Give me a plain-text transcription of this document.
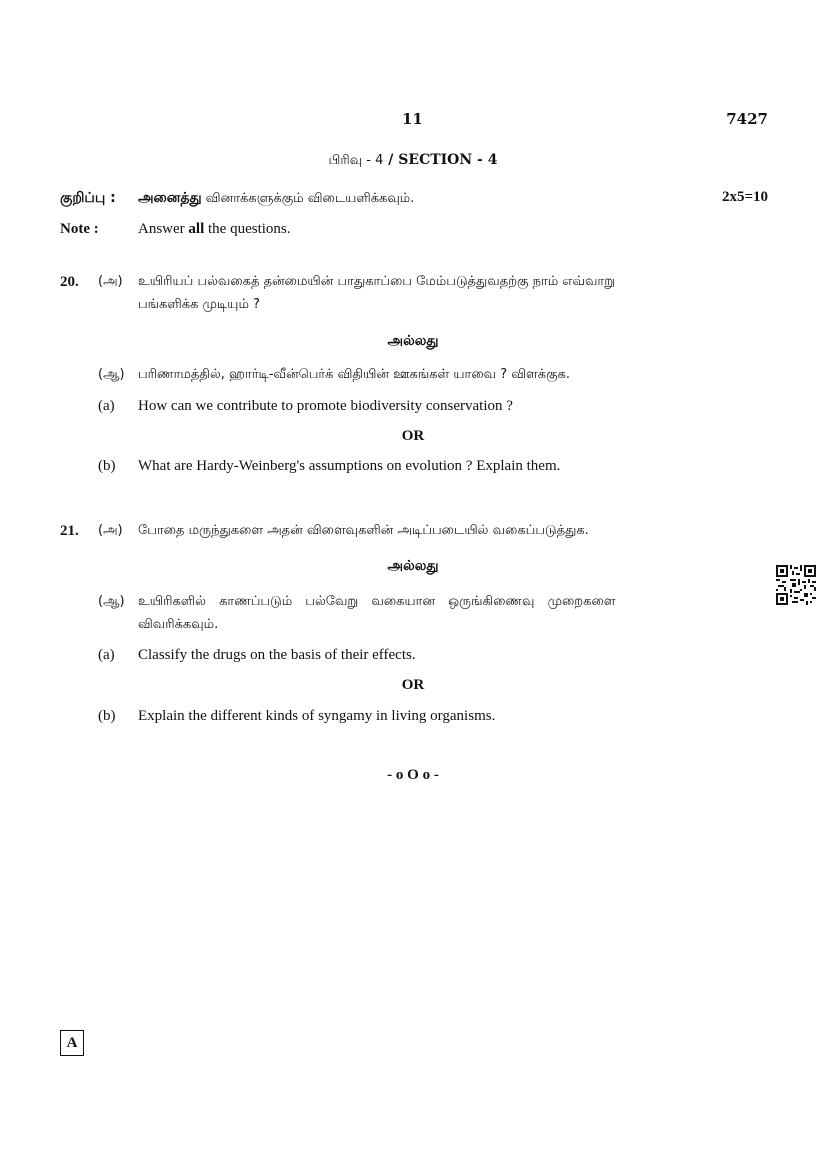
11	7427
பிரிவு - 4 / SECTION - 4
குறிப்பு : அனைத்து வினாக்களுக்கும் விடையளிக்கவும்.	2x5=10
Note :	Answer all the questions.
20. (அ) உயிரியப் பல்வகைத் தன்மையின் பாதுகாப்பை மேம்படுத்துவதற்கு நாம் எவ்வாறு
பங்களிக்க முடியும் ?
அல்லது
(ஆ) பரிணாமத்தில், ஹார்டி-வீன்பெர்க் விதியின் ஊகங்கள் யாவை ? விளக்குக.
(a) How can we contribute to promote biodiversity conservation ?
OR
(b) What are Hardy-Weinberg's assumptions on evolution ? Explain them.
21. (அ) போதை மருந்துகளை அதன் விளைவுகளின் அடிப்படையில் வகைப்படுத்துக.
அல்லது
(ஆ) உயிரிகளில் காணப்படும் பல்வேறு வகையான ஒருங்கிணைவு முறைகளை
விவரிக்கவும்.
(a) Classify the drugs on the basis of their effects.
OR
(b) Explain the different kinds of syngamy in living organisms.
- o O o -
A
